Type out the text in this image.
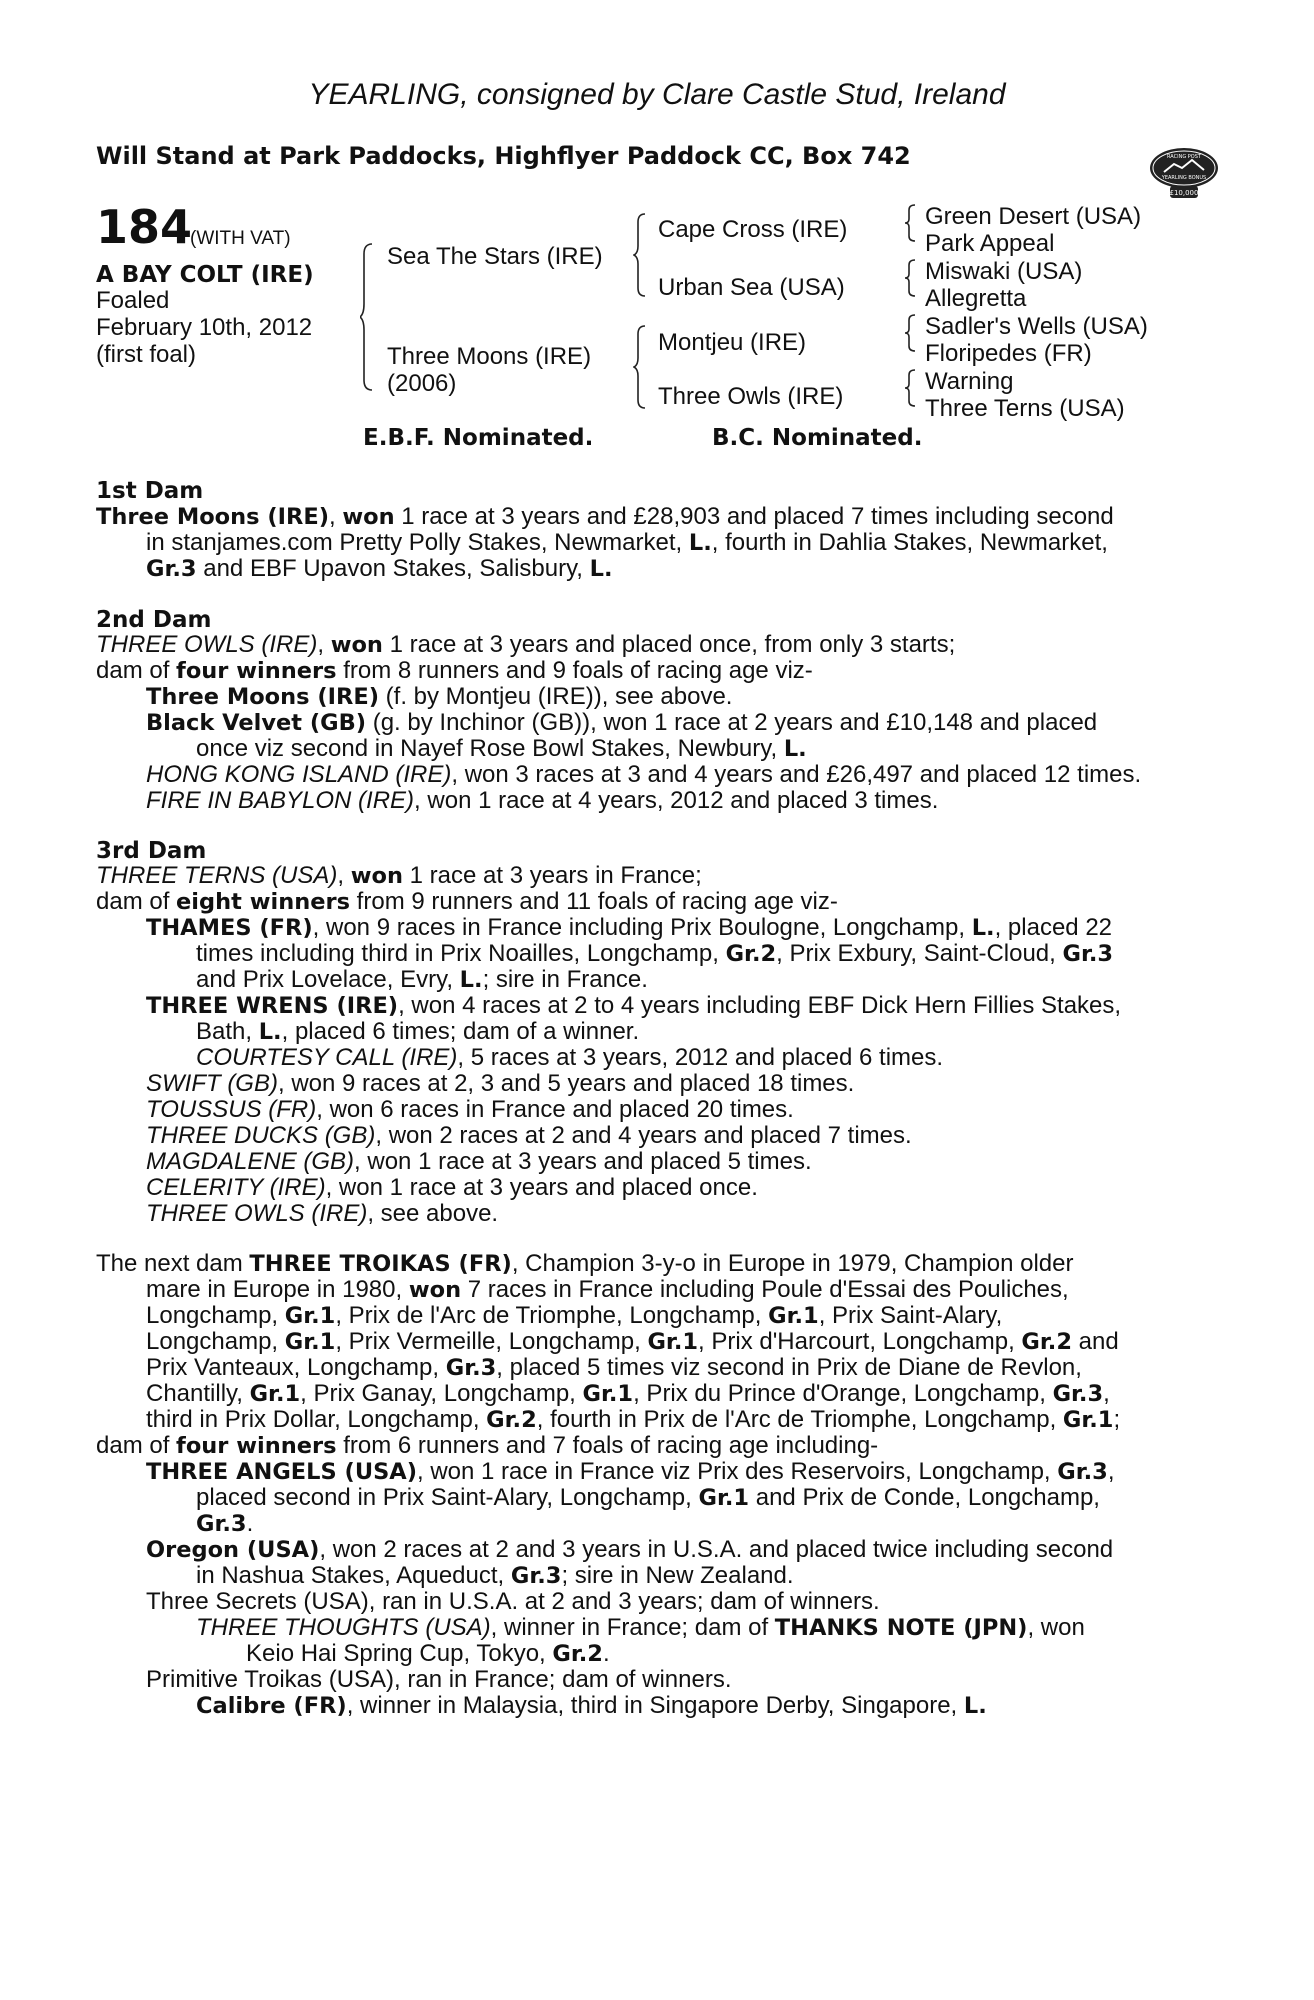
YEARLING, consigned by Clare Castle Stud, Ireland
Will Stand at Park Paddocks, Highflyer Paddock CC, Box 742	RACING POST
YEARLING BONUS
£10,000
184
(WITH VAT)
A BAY COLT (IRE)
Foaled
February 10th, 2012
(first foal)
Sea The Stars (IRE)
Three Moons (IRE)
(2006)
Cape Cross (IRE)
Urban Sea (USA)
Montjeu (IRE)
Three Owls (IRE)
Green Desert (USA)
Park Appeal
Miswaki (USA)
Allegretta
Sadler's Wells (USA)
Floripedes (FR)
Warning
Three Terns (USA)
E.B.F. Nominated.	B.C. Nominated.
1st Dam
Three Moons (IRE), won 1 race at 3 years and £28,903 and placed 7 times including second
in stanjames.com Pretty Polly Stakes, Newmarket, L., fourth in Dahlia Stakes, Newmarket,
Gr.3 and EBF Upavon Stakes, Salisbury, L.
2nd Dam
THREE OWLS (IRE), won 1 race at 3 years and placed once, from only 3 starts;
dam of four winners from 8 runners and 9 foals of racing age viz-
Three Moons (IRE) (f. by Montjeu (IRE)), see above.
Black Velvet (GB) (g. by Inchinor (GB)), won 1 race at 2 years and £10,148 and placed
once viz second in Nayef Rose Bowl Stakes, Newbury, L.
HONG KONG ISLAND (IRE), won 3 races at 3 and 4 years and £26,497 and placed 12 times.
FIRE IN BABYLON (IRE), won 1 race at 4 years, 2012 and placed 3 times.
3rd Dam
THREE TERNS (USA), won 1 race at 3 years in France;
dam of eight winners from 9 runners and 11 foals of racing age viz-
THAMES (FR), won 9 races in France including Prix Boulogne, Longchamp, L., placed 22
times including third in Prix Noailles, Longchamp, Gr.2, Prix Exbury, Saint-Cloud, Gr.3
and Prix Lovelace, Evry, L.; sire in France.
THREE WRENS (IRE), won 4 races at 2 to 4 years including EBF Dick Hern Fillies Stakes,
Bath, L., placed 6 times; dam of a winner.
COURTESY CALL (IRE), 5 races at 3 years, 2012 and placed 6 times.
SWIFT (GB), won 9 races at 2, 3 and 5 years and placed 18 times.
TOUSSUS (FR), won 6 races in France and placed 20 times.
THREE DUCKS (GB), won 2 races at 2 and 4 years and placed 7 times.
MAGDALENE (GB), won 1 race at 3 years and placed 5 times.
CELERITY (IRE), won 1 race at 3 years and placed once.
THREE OWLS (IRE), see above.
The next dam THREE TROIKAS (FR), Champion 3-y-o in Europe in 1979, Champion older
mare in Europe in 1980, won 7 races in France including Poule d'Essai des Pouliches,
Longchamp, Gr.1, Prix de l'Arc de Triomphe, Longchamp, Gr.1, Prix Saint-Alary,
Longchamp, Gr.1, Prix Vermeille, Longchamp, Gr.1, Prix d'Harcourt, Longchamp, Gr.2 and
Prix Vanteaux, Longchamp, Gr.3, placed 5 times viz second in Prix de Diane de Revlon,
Chantilly, Gr.1, Prix Ganay, Longchamp, Gr.1, Prix du Prince d'Orange, Longchamp, Gr.3,
third in Prix Dollar, Longchamp, Gr.2, fourth in Prix de l'Arc de Triomphe, Longchamp, Gr.1;
dam of four winners from 6 runners and 7 foals of racing age including-
THREE ANGELS (USA), won 1 race in France viz Prix des Reservoirs, Longchamp, Gr.3,
placed second in Prix Saint-Alary, Longchamp, Gr.1 and Prix de Conde, Longchamp,
Gr.3.
Oregon (USA), won 2 races at 2 and 3 years in U.S.A. and placed twice including second
in Nashua Stakes, Aqueduct, Gr.3; sire in New Zealand.
Three Secrets (USA), ran in U.S.A. at 2 and 3 years; dam of winners.
THREE THOUGHTS (USA), winner in France; dam of THANKS NOTE (JPN), won
Keio Hai Spring Cup, Tokyo, Gr.2.
Primitive Troikas (USA), ran in France; dam of winners.
Calibre (FR), winner in Malaysia, third in Singapore Derby, Singapore, L.
